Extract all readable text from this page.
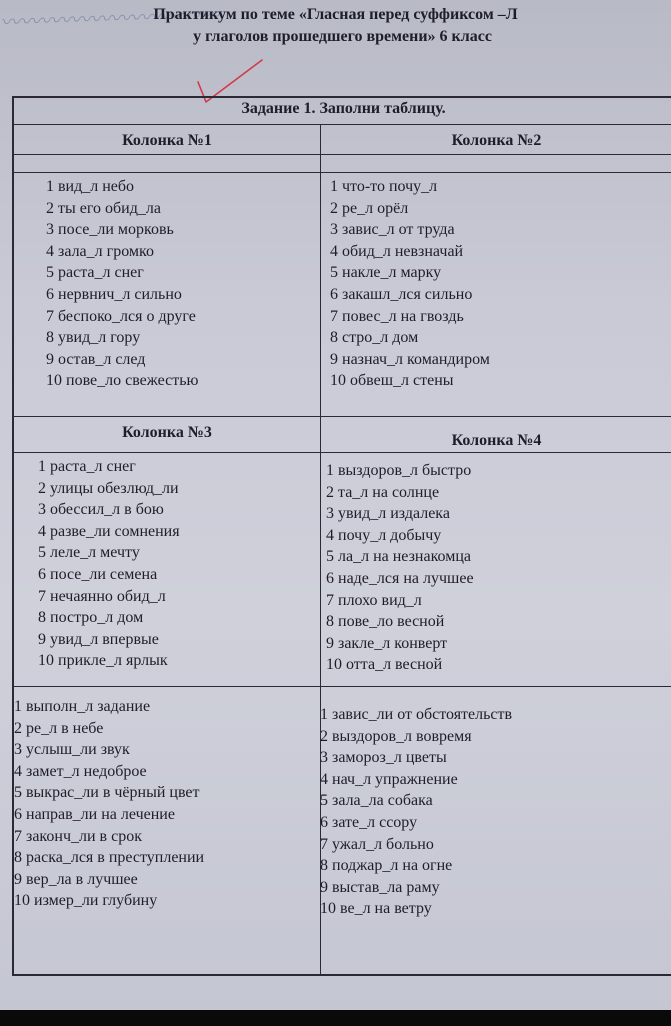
〰〰〰〰〰〰〰〰〰〰〰
Практикум по теме «Гласная перед суффиксом –Л
у глаголов прошедшего времени» 6 класс
Задание 1. Заполни таблицу.
Колонка №1	Колонка №2
1 вид_л небо
2 ты его обид_ла
3 посе_ли морковь
4 зала_л громко
5 раста_л снег
6 нервнич_л сильно
7 беспоко_лся о друге
8 увид_л гору
9 остав_л след
10 пове_ло свежестью
1 что-то почу_л
2 ре_л орёл
3 завис_л от труда
4 обид_л невзначай
5 накле_л марку
6 закашл_лся сильно
7 повес_л на гвоздь
8 стро_л дом
9 назнач_л командиром
10 обвеш_л стены
Колонка №3	Колонка №4
1 раста_л снег
2 улицы обезлюд_ли
3 обессил_л в бою
4 разве_ли сомнения
5 леле_л мечту
6 посе_ли семена
7 нечаянно обид_л
8 постро_л дом
9 увид_л впервые
10 прикле_л ярлык
1 выздоров_л быстро
2 та_л на солнце
3 увид_л издалека
4 почу_л добычу
5 ла_л на незнакомца
6 наде_лся на лучшее
7 плохо вид_л
8 пове_ло весной
9 закле_л конверт
10 отта_л весной
1 выполн_л задание
2 ре_л в небе
3 услыш_ли звук
4 замет_л недоброе
5 выкрас_ли в чёрный цвет
6 направ_ли на лечение
7 законч_ли в срок
8 раска_лся в преступлении
9 вер_ла в лучшее
10 измер_ли глубину
1 завис_ли от обстоятельств
2 выздоров_л вовремя
3 замороз_л цветы
4 нач_л упражнение
5 зала_ла собака
6 зате_л ссору
7 ужал_л больно
8 поджар_л на огне
9 выстав_ла раму
10 ве_л на ветру
